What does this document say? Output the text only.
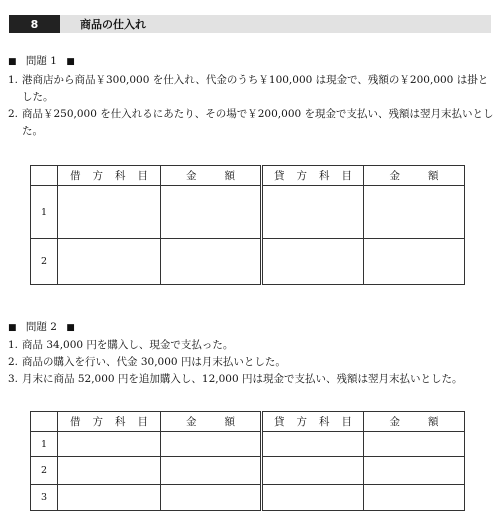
8	商品の仕入れ
■ 問題 1 ■
1. 港商店から商品￥300,000 を仕入れ、代金のうち￥100,000 は現金で、残額の￥200,000 は掛とした。
2. 商品￥250,000 を仕入れるにあたり、その場で￥200,000 を現金で支払い、残額は翌月末払いとした。
	借 方 科 目	金 額	貸 方 科 目	金 額
1				
2				
■ 問題 2 ■
1. 商品 34,000 円を購入し、現金で支払った。
2. 商品の購入を行い、代金 30,000 円は月末払いとした。
3. 月末に商品 52,000 円を追加購入し、12,000 円は現金で支払い、残額は翌月末払いとした。
	借 方 科 目	金 額	貸 方 科 目	金 額
1				
2				
3				
